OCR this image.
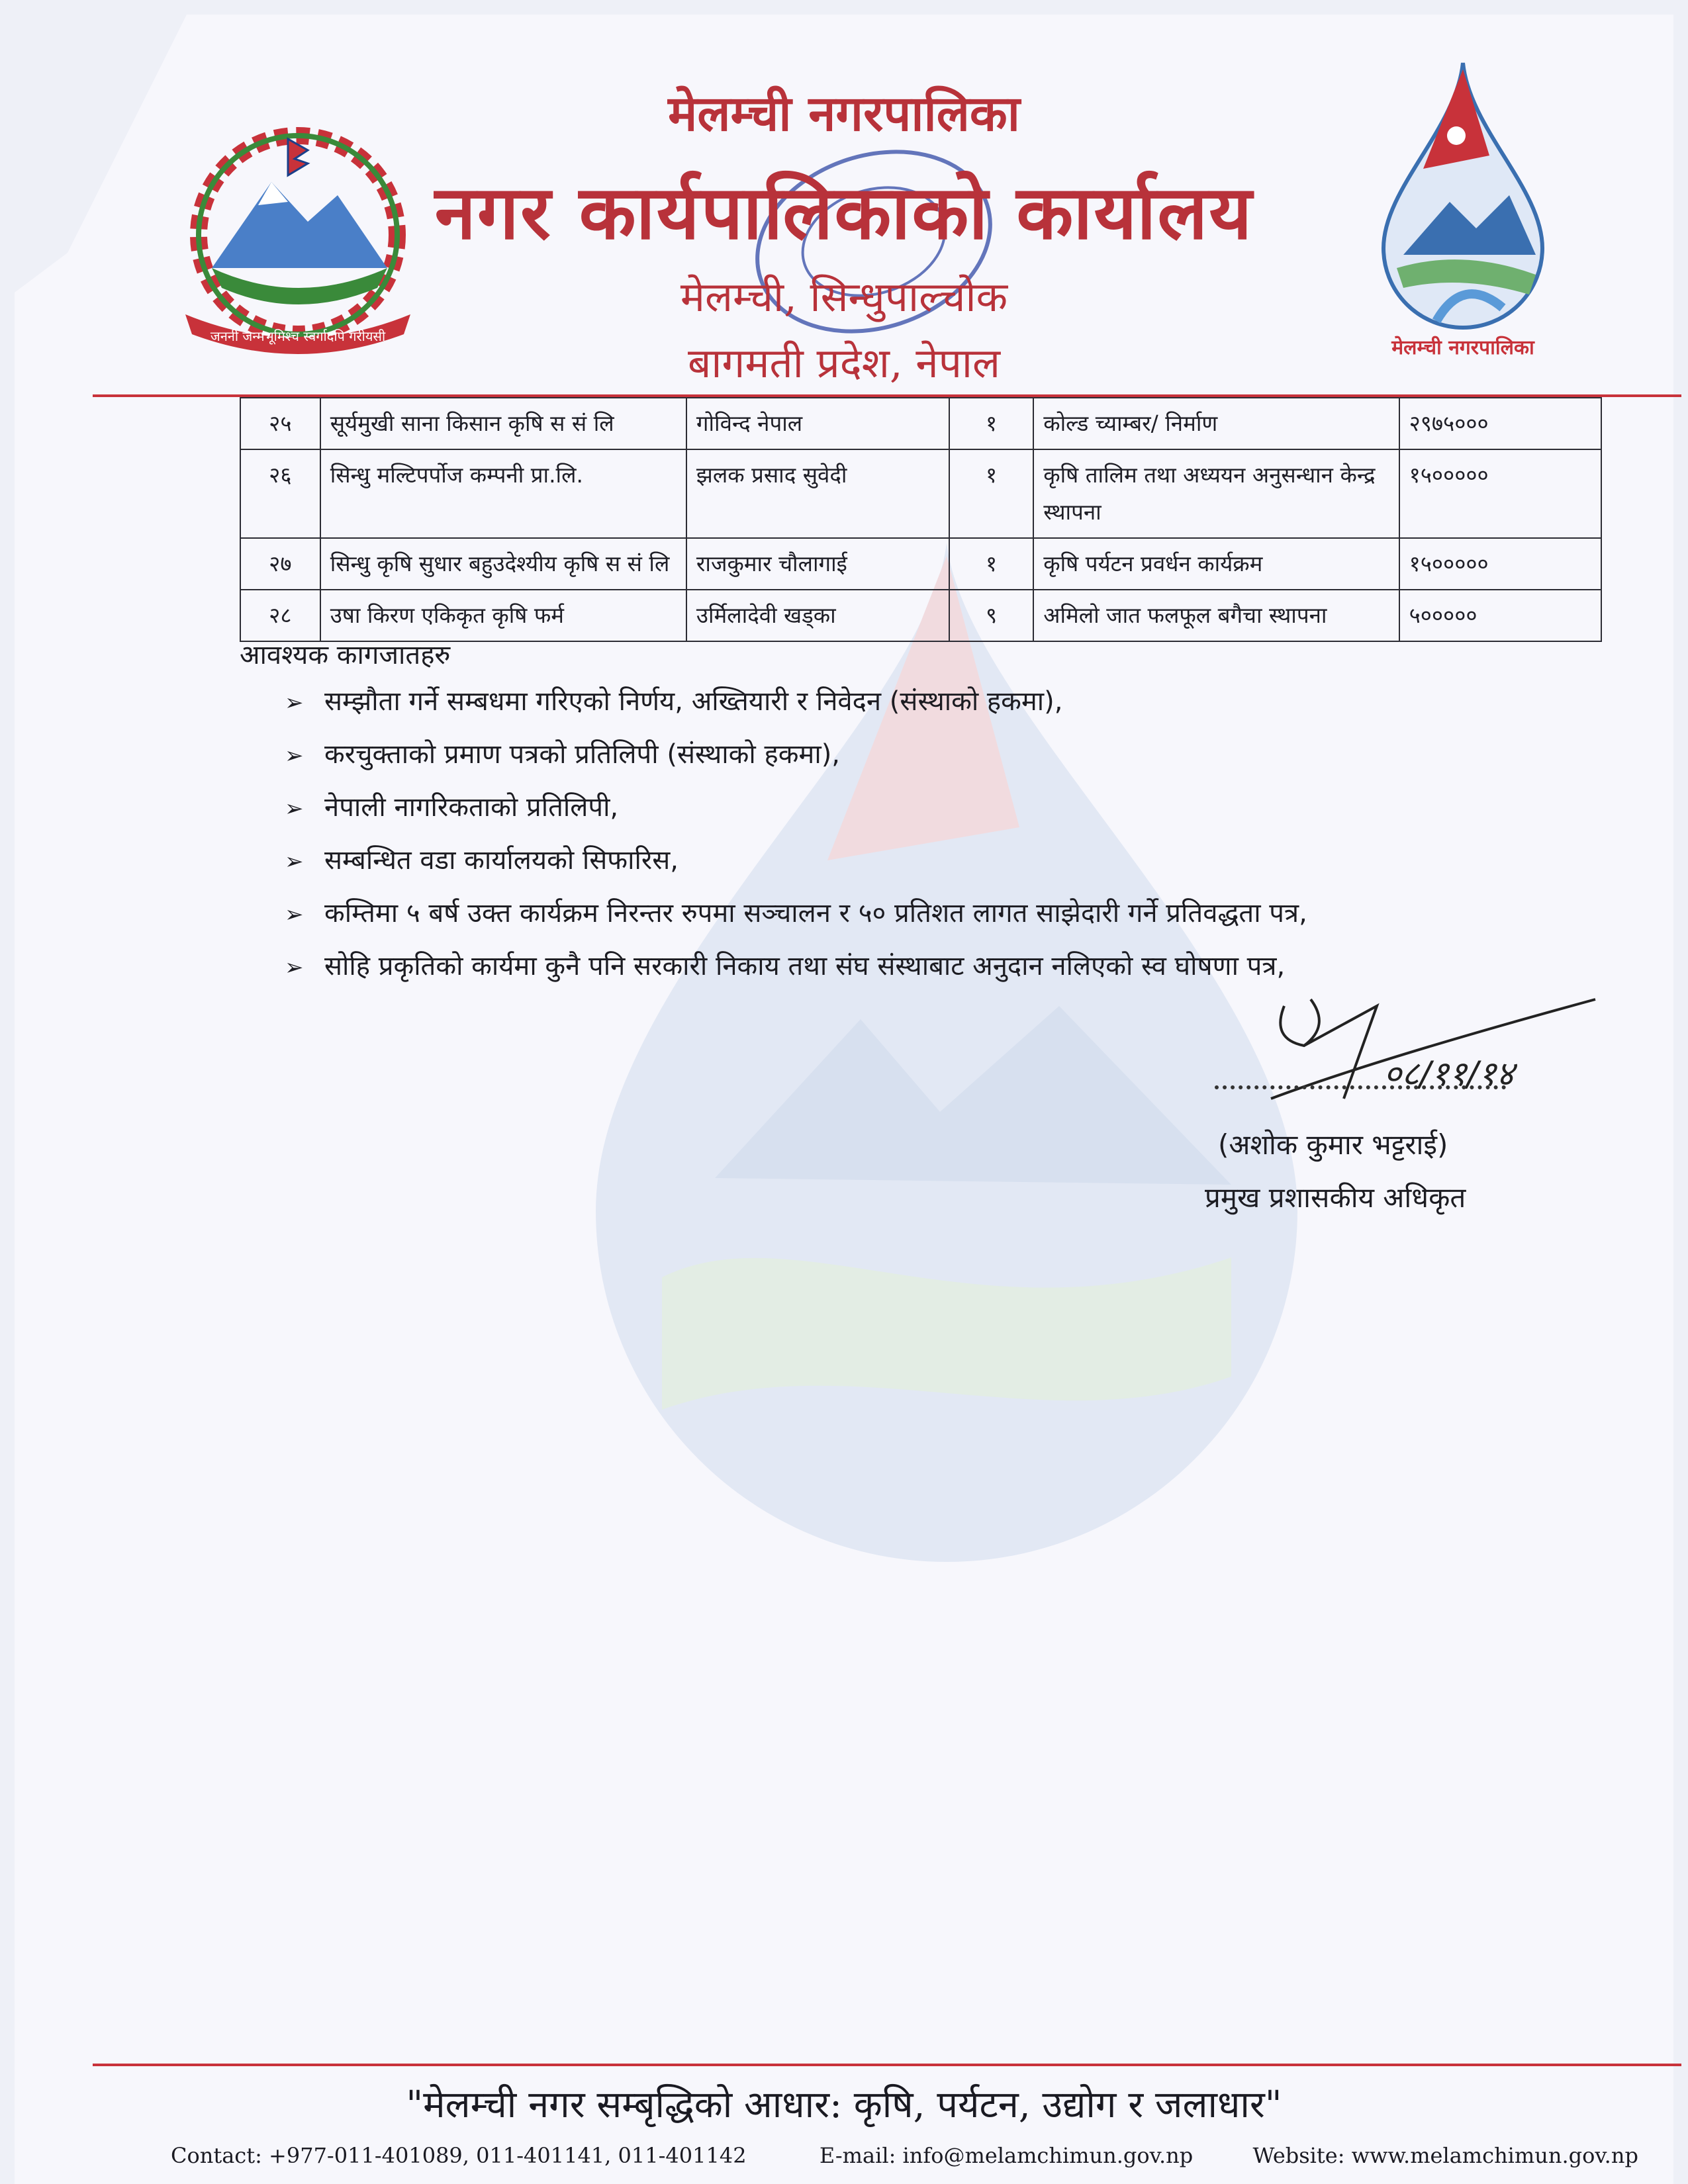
जननी जन्मभूमिश्च स्वर्गादपि गरीयसी	मेलम्ची नगरपालिका
मेलम्ची नगरपालिका
नगर कार्यपालिकाको कार्यालय
मेलम्ची, सिन्धुपाल्चोक
बागमती प्रदेश, नेपाल
२५	सूर्यमुखी साना किसान कृषि स सं लि	गोविन्द नेपाल	१	कोल्ड च्याम्बर/ निर्माण	२९७५०००
२६	सिन्धु मल्टिपर्पोज कम्पनी प्रा.लि.	झलक प्रसाद सुवेदी	१	कृषि तालिम तथा अध्ययन अनुसन्धान केन्द्र स्थापना	१५०००००
२७	सिन्धु कृषि सुधार बहुउदेश्यीय कृषि स सं लि	राजकुमार चौलागाई	१	कृषि पर्यटन प्रवर्धन कार्यक्रम	१५०००००
२८	उषा किरण एकिकृत कृषि फर्म	उर्मिलादेवी खड्का	९	अमिलो जात फलफूल बगैचा स्थापना	५०००००
आवश्यक कागजातहरु
➢ सम्झौता गर्ने सम्बधमा गरिएको निर्णय, अख्तियारी र निवेदन (संस्थाको हकमा),
➢ करचुक्ताको प्रमाण पत्रको प्रतिलिपी (संस्थाको हकमा),
➢ नेपाली नागरिकताको प्रतिलिपी,
➢ सम्बन्धित वडा कार्यालयको सिफारिस,
➢ कम्तिमा ५ बर्ष उक्त कार्यक्रम निरन्तर रुपमा सञ्चालन र ५० प्रतिशत लागत साझेदारी गर्ने प्रतिवद्धता पत्र,
➢ सोहि प्रकृतिको कार्यमा कुनै पनि सरकारी निकाय तथा संघ संस्थाबाट अनुदान नलिएको स्व घोषणा पत्र,
०८/११/१४
(अशोक कुमार भट्टराई)
प्रमुख प्रशासकीय अधिकृत
"मेलम्ची नगर सम्बृद्धिको आधार: कृषि, पर्यटन, उद्योग र जलाधार"
Contact: +977-011-401089, 011-401141, 011-401142	E-mail: info@melamchimun.gov.np	Website: www.melamchimun.gov.np
